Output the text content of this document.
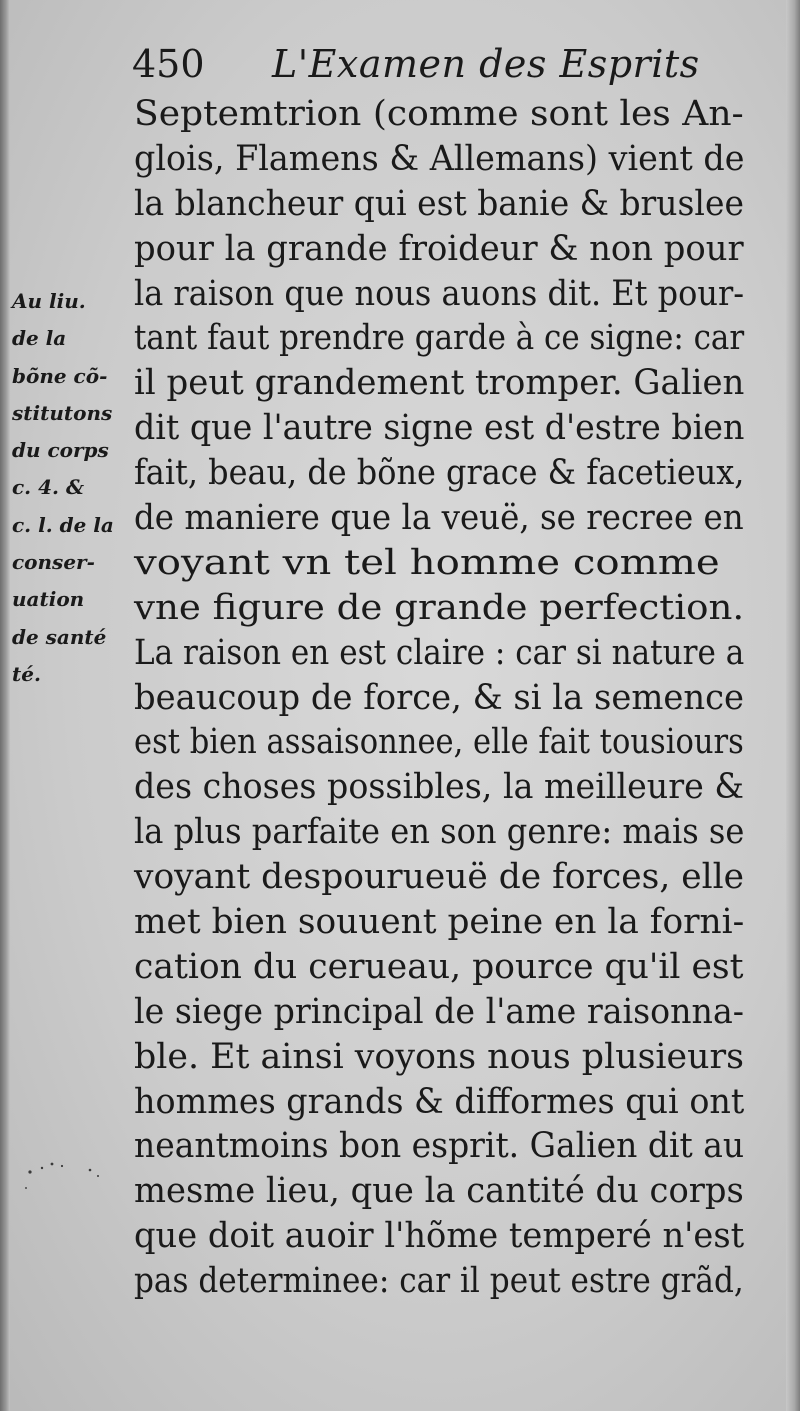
450 L'Examen des Esprits
Au liu.
de la
bõne cõ-
stitutons
du corps
c. 4. &
c. l. de la
conser-
uation
de santé
té.
Septemtrion (comme sont les An-
glois, Flamens & Allemans) vient de
la blancheur qui est banie & bruslee
pour la grande froideur & non pour
la raison que nous auons dit. Et pour-
tant faut prendre garde à ce signe: car
il peut grandement tromper. Galien
dit que l'autre signe est d'estre bien
fait, beau, de bõne grace & facetieux,
de maniere que la veuë, se recree en
voyant vn tel homme comme
vne figure de grande perfection.
La raison en est claire : car si nature a
beaucoup de force, & si la semence
est bien assaisonnee, elle fait tousiours
des choses possibles, la meilleure &
la plus parfaite en son genre: mais se
voyant despourueuë de forces, elle
met bien souuent peine en la forni-
cation du cerueau, pource qu'il est
le siege principal de l'ame raisonna-
ble. Et ainsi voyons nous plusieurs
hommes grands & difformes qui ont
neantmoins bon esprit. Galien dit au
mesme lieu, que la cantité du corps
que doit auoir l'hõme temperé n'est
pas determinee: car il peut estre grãd,
